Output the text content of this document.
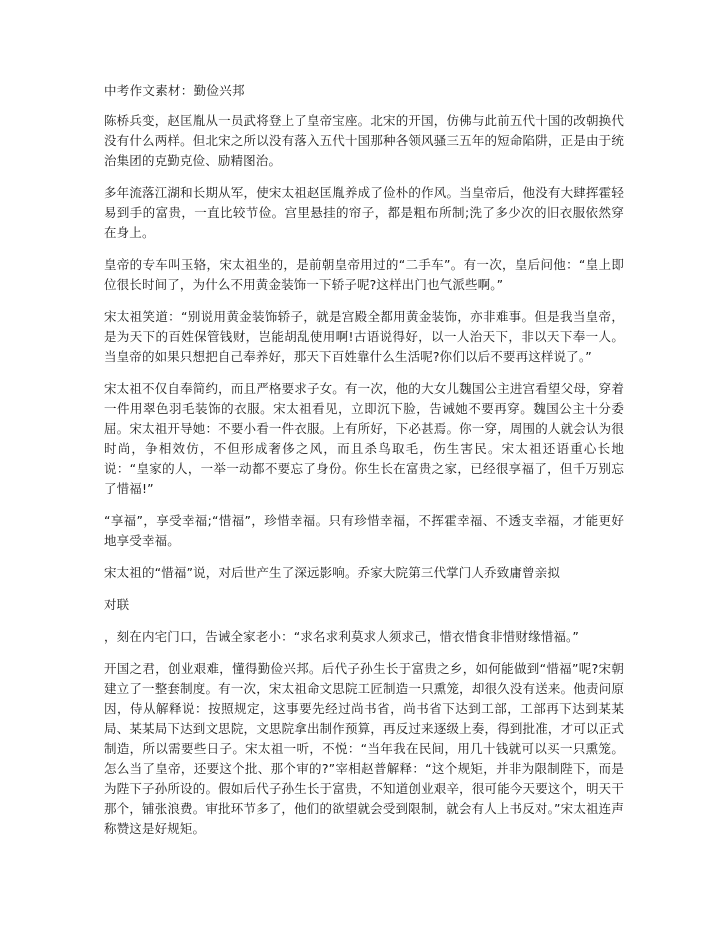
中考作文素材：勤俭兴邦

陈桥兵变，赵匡胤从一员武将登上了皇帝宝座。北宋的开国，仿佛与此前五代十国的改朝换代没有什么两样。但北宋之所以没有落入五代十国那种各领风骚三五年的短命陷阱，正是由于统治集团的克勤克俭、励精图治。

多年流落江湖和长期从军，使宋太祖赵匡胤养成了俭朴的作风。当皇帝后，他没有大肆挥霍轻易到手的富贵，一直比较节俭。宫里悬挂的帘子，都是粗布所制;洗了多少次的旧衣服依然穿在身上。

皇帝的专车叫玉辂，宋太祖坐的，是前朝皇帝用过的“二手车”。有一次，皇后问他：“皇上即位很长时间了，为什么不用黄金装饰一下轿子呢?这样出门也气派些啊。”

宋太祖笑道：“别说用黄金装饰轿子，就是宫殿全都用黄金装饰，亦非难事。但是我当皇帝，是为天下的百姓保管钱财，岂能胡乱使用啊!古语说得好，以一人治天下，非以天下奉一人。当皇帝的如果只想把自己奉养好，那天下百姓靠什么生活呢?你们以后不要再这样说了。”

宋太祖不仅自奉简约，而且严格要求子女。有一次，他的大女儿魏国公主进宫看望父母，穿着一件用翠色羽毛装饰的衣服。宋太祖看见，立即沉下脸，告诫她不要再穿。魏国公主十分委屈。宋太祖开导她：不要小看一件衣服。上有所好，下必甚焉。你一穿，周围的人就会认为很时尚，争相效仿，不但形成奢侈之风，而且杀鸟取毛，伤生害民。宋太祖还语重心长地说：“皇家的人，一举一动都不要忘了身份。你生长在富贵之家，已经很享福了，但千万别忘了惜福!”

“享福”，享受幸福;“惜福”，珍惜幸福。只有珍惜幸福，不挥霍幸福、不透支幸福，才能更好地享受幸福。

宋太祖的“惜福”说，对后世产生了深远影响。乔家大院第三代掌门人乔致庸曾亲拟

对联

，刻在内宅门口，告诫全家老小：“求名求利莫求人须求己，惜衣惜食非惜财缘惜福。”

开国之君，创业艰难，懂得勤俭兴邦。后代子孙生长于富贵之乡，如何能做到“惜福”呢?宋朝建立了一整套制度。有一次，宋太祖命文思院工匠制造一只熏笼，却很久没有送来。他责问原因，侍从解释说：按照规定，这事要先经过尚书省，尚书省下达到工部，工部再下达到某某局、某某局下达到文思院，文思院拿出制作预算，再反过来逐级上奏，得到批准，才可以正式制造，所以需要些日子。宋太祖一听，不悦：“当年我在民间，用几十钱就可以买一只熏笼。怎么当了皇帝，还要这个批、那个审的?”宰相赵普解释：“这个规矩，并非为限制陛下，而是为陛下子孙所设的。假如后代子孙生长于富贵，不知道创业艰辛，很可能今天要这个，明天干那个，铺张浪费。审批环节多了，他们的欲望就会受到限制，就会有人上书反对。”宋太祖连声称赞这是好规矩。
